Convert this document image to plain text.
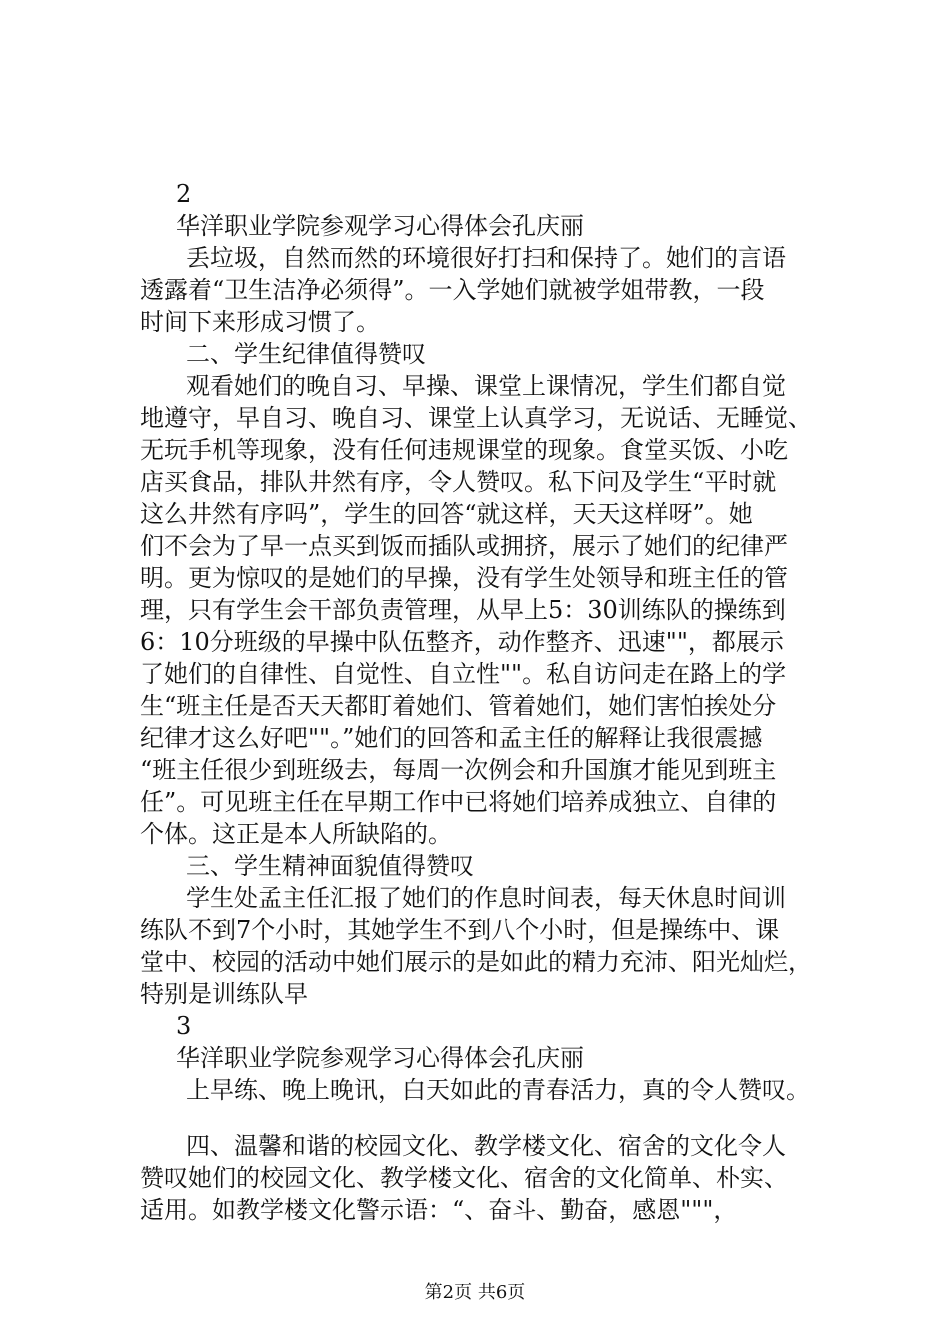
2
华洋职业学院参观学习心得体会孔庆丽
丢垃圾，自然而然的环境很好打扫和保持了。她们的言语
透露着“卫生洁净必须得”。一入学她们就被学姐带教，一段
时间下来形成习惯了。
二、学生纪律值得赞叹
观看她们的晚自习、早操、课堂上课情况，学生们都自觉
地遵守，早自习、晚自习、课堂上认真学习，无说话、无睡觉、
无玩手机等现象，没有任何违规课堂的现象。食堂买饭、小吃
店买食品，排队井然有序，令人赞叹。私下问及学生“平时就
这么井然有序吗”，学生的回答“就这样，天天这样呀”。她
们不会为了早一点买到饭而插队或拥挤，展示了她们的纪律严
明。更为惊叹的是她们的早操，没有学生处领导和班主任的管
理，只有学生会干部负责管理，从早上5：30训练队的操练到
6：10分班级的早操中队伍整齐，动作整齐、迅速""，都展示
了她们的自律性、自觉性、自立性""。私自访问走在路上的学
生“班主任是否天天都盯着她们、管着她们，她们害怕挨处分
纪律才这么好吧""。”她们的回答和孟主任的解释让我很震撼
“班主任很少到班级去，每周一次例会和升国旗才能见到班主
任”。可见班主任在早期工作中已将她们培养成独立、自律的
个体。这正是本人所缺陷的。
三、学生精神面貌值得赞叹
学生处孟主任汇报了她们的作息时间表，每天休息时间训
练队不到7个小时，其她学生不到八个小时，但是操练中、课
堂中、校园的活动中她们展示的是如此的精力充沛、阳光灿烂，
特别是训练队早
3
华洋职业学院参观学习心得体会孔庆丽
上早练、晚上晚讯，白天如此的青春活力，真的令人赞叹。
四、温馨和谐的校园文化、教学楼文化、宿舍的文化令人
赞叹她们的校园文化、教学楼文化、宿舍的文化简单、朴实、
适用。如教学楼文化警示语：“、奋斗、勤奋，感恩"""，
第2页 共6页
